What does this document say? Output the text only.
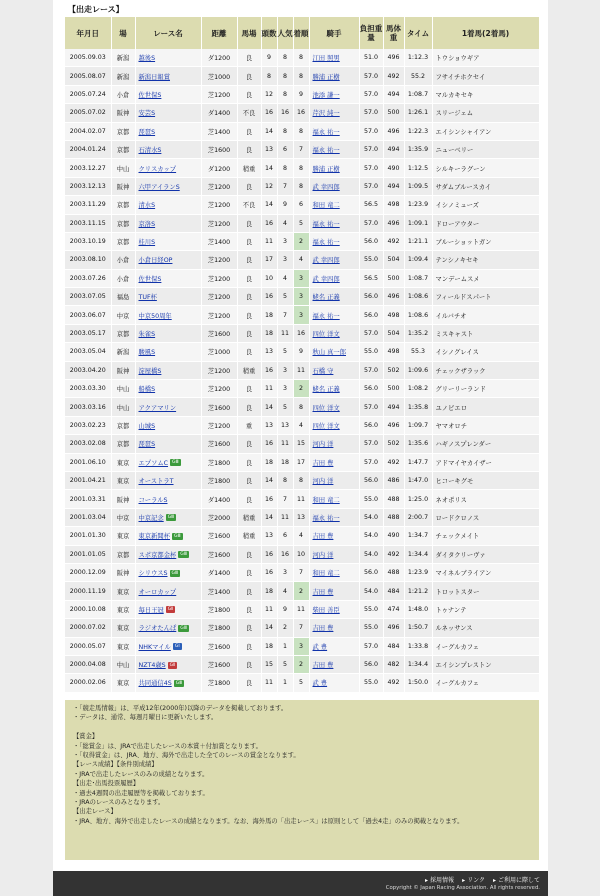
【出走レース】
年月日	場	レース名	距離	馬場	頭数	人気	着順	騎手	負担重量	馬体重	タイム	1着馬(2着馬)
2005.09.03	新潟	越後S	ダ1200	良	9	8	8	江田 照男	51.0	496	1:12.3	トウショウギア
2005.08.07	新潟	新潟日報賞	芝1000	良	8	8	8	勝浦 正樹	57.0	492	55.2	フサイチホクセイ
2005.07.24	小倉	佐世保S	芝1200	良	12	8	9	池添 謙一	57.0	494	1:08.7	マルカキセキ
2005.07.02	阪神	安芸S	ダ1400	不良	16	16	16	芹沢 純一	57.0	500	1:26.1	スリージェム
2004.02.07	京都	琵琶S	芝1400	良	14	8	8	福永 祐一	57.0	496	1:22.3	エイシンシャイアン
2004.01.24	京都	石清水S	芝1600	良	13	6	7	福永 祐一	57.0	494	1:35.9	ニューベリー
2003.12.27	中山	クリスカップ	ダ1200	稍重	14	8	8	勝浦 正樹	57.0	490	1:12.5	シルキーラグーン
2003.12.13	阪神	六甲アイランS	芝1200	良	12	7	8	武 幸四郎	57.0	494	1:09.5	サダムブルースカイ
2003.11.29	京都	清水S	芝1200	不良	14	9	6	和田 竜二	56.5	498	1:23.9	イシノミューズ
2003.11.15	京都	京洛S	芝1200	良	16	4	5	福永 祐一	57.0	496	1:09.1	ドローアウター
2003.10.19	京都	桂川S	芝1400	良	11	3	2	福永 祐一	56.0	492	1:21.1	ブルーショットガン
2003.08.10	小倉	小倉日経OP	芝1200	良	17	3	4	武 幸四郎	55.0	504	1:09.4	テンシノキセキ
2003.07.26	小倉	佐世保S	芝1200	良	10	4	3	武 幸四郎	56.5	500	1:08.7	マンデームスメ
2003.07.05	福島	TUF杯	芝1200	良	16	5	3	蛯名 正義	56.0	496	1:08.6	フィールドスパート
2003.06.07	中京	中京50周年	芝1200	良	18	7	3	福永 祐一	56.0	498	1:08.6	イルバチオ
2003.05.17	京都	朱雀S	芝1600	良	18	11	16	四位 洋文	57.0	504	1:35.2	ミスキャスト
2003.05.04	新潟	駿風S	芝1000	良	13	5	9	秋山 真一郎	55.0	498	55.3	イシノグレイス
2003.04.20	阪神	淀屋橋S	芝1200	稍重	16	3	11	石橋 守	57.0	502	1:09.6	チェックザラック
2003.03.30	中山	船橋S	芝1200	良	11	3	2	蛯名 正義	56.0	500	1:08.2	グリーリーランド
2003.03.16	中山	アクアマリン	芝1600	良	14	5	8	四位 洋文	57.0	494	1:35.8	ユノピエロ
2003.02.23	京都	山城S	芝1200	重	13	13	4	四位 洋文	56.0	496	1:09.7	ヤマオロチ
2003.02.08	京都	琵琶S	芝1600	良	16	11	15	河内 洋	57.0	502	1:35.6	ハギノスプレンダー
2001.06.10	東京	エプソムC GⅢ	芝1800	良	18	18	17	吉田 豊	57.0	492	1:47.7	アドマイヤカイザー
2001.04.21	東京	オーストラT	芝1800	良	14	8	8	河内 洋	56.0	486	1:47.0	ヒコーキグモ
2001.03.31	阪神	コーラルS	ダ1400	良	16	7	11	和田 竜二	55.0	488	1:25.0	ネオポリス
2001.03.04	中京	中京記念 GⅢ	芝2000	稍重	14	11	13	福永 祐一	54.0	488	2:00.7	ロードクロノス
2001.01.30	東京	東京新聞杯 GⅢ	芝1600	稍重	13	6	4	吉田 豊	54.0	490	1:34.7	チェックメイト
2001.01.05	京都	スポ京都金杯 GⅢ	芝1600	良	16	16	10	河内 洋	54.0	492	1:34.4	ダイタクリーヴァ
2000.12.09	阪神	シリウスS GⅢ	ダ1400	良	16	3	7	和田 竜二	56.0	488	1:23.9	マイネルブライアン
2000.11.19	東京	オーロカップ	芝1400	良	18	4	2	吉田 豊	54.0	484	1:21.2	トロットスター
2000.10.08	東京	毎日王冠 GⅡ	芝1800	良	11	9	11	柴田 善臣	55.0	474	1:48.0	トゥナンテ
2000.07.02	東京	ラジオたんぱ GⅢ	芝1800	良	14	2	7	吉田 豊	55.0	496	1:50.7	ルネッサンス
2000.05.07	東京	NHKマイル GⅠ	芝1600	良	18	1	3	武 豊	57.0	484	1:33.8	イーグルカフェ
2000.04.08	中山	NZT4歳S GⅡ	芝1600	良	15	5	2	吉田 豊	56.0	482	1:34.4	エイシンプレストン
2000.02.06	東京	共同通信4S GⅢ	芝1800	良	11	1	5	武 豊	55.0	492	1:50.0	イーグルカフェ
・「競走馬情報」は、平成12年(2000年)以降のデータを掲載しております。
・データは、通常、毎週月曜日に更新いたします。

【賞金】
・「総賞金」は、JRAで出走したレースの本賞＋付加賞となります。
・「収得賞金」は、JRA、地方、海外で出走した全てのレースの賞金となります。
【レース成績】【条件別成績】
・JRAで出走したレースのみの成績となります。
【出走･出馬投票履歴】
・過去4週間の出走履歴等を掲載しております。
・JRAのレースのみとなります。
【出走レース】
・JRA、地方、海外で出走したレースの成績となります。なお、海外馬の「出走レース」は原則として「過去4走」のみの掲載となります。
▸ 採用情報 ▸ リンク ▸ ご利用に際して
Copyright © Japan Racing Association. All rights reserved.
